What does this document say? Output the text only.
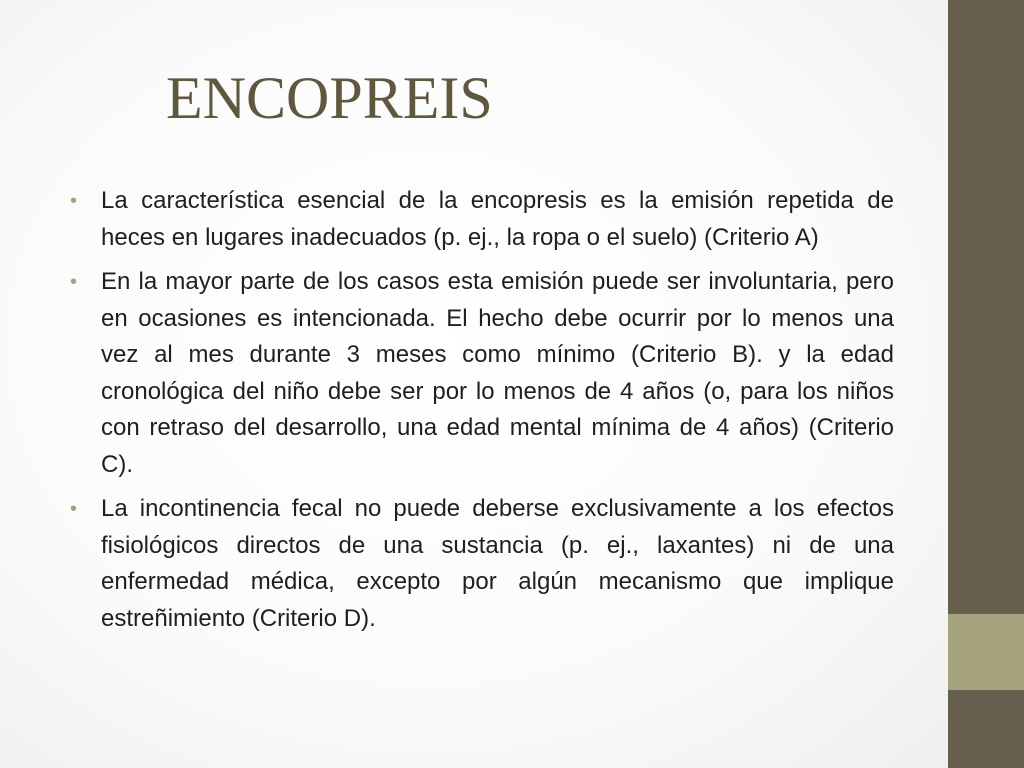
ENCOPREIS
• La característica esencial de la encopresis es la emisión repetida de heces en lugares inadecuados (p. ej., la ropa o el suelo) (Criterio A)
• En la mayor parte de los casos esta emisión puede ser involuntaria, pero en ocasiones es intencionada. El hecho debe ocurrir por lo menos una vez al mes durante 3 meses como mínimo (Criterio B). y la edad cronológica del niño debe ser por lo menos de 4 años (o, para los niños con retraso del desarrollo, una edad mental mínima de 4 años) (Criterio C).
• La incontinencia fecal no puede deberse exclusivamente a los efectos fisiológicos directos de una sustancia (p. ej., laxantes) ni de una enfermedad médica, excepto por algún mecanismo que implique estreñimiento (Criterio D).
